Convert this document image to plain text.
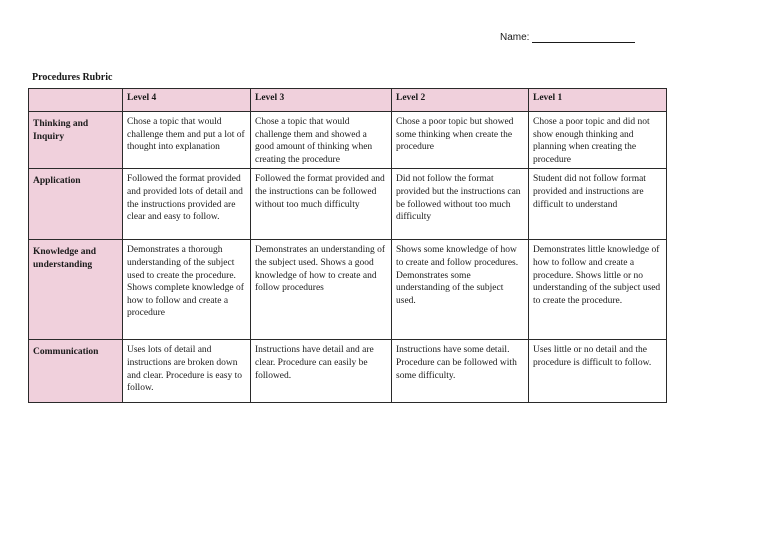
Name:
Procedures Rubric
	Level 4	Level 3	Level 2	Level 1
Thinking and Inquiry	Chose a topic that would challenge them and put a lot of thought into explanation	Chose a topic that would challenge them and showed a good amount of thinking when creating the procedure	Chose a poor topic but showed some thinking when create the procedure	Chose a poor topic and did not show enough thinking and planning when creating the procedure
Application	Followed the format provided and provided lots of detail and the instructions provided are clear and easy to follow.	Followed the format provided and the instructions can be followed without too much difficulty	Did not follow the format provided but the instructions can be followed without too much difficulty	Student did not follow format provided and instructions are difficult to understand
Knowledge and understanding	Demonstrates a thorough understanding of the subject used to create the procedure. Shows complete knowledge of how to follow and create a procedure	Demonstrates an understanding of the subject used. Shows a good knowledge of how to create and follow procedures	Shows some knowledge of how to create and follow procedures. Demonstrates some understanding of the subject used.	Demonstrates little knowledge of how to follow and create a procedure. Shows little or no understanding of the subject used to create the procedure.
Communication	Uses lots of detail and instructions are broken down and clear. Procedure is easy to follow.	Instructions have detail and are clear. Procedure can easily be followed.	Instructions have some detail. Procedure can be followed with some difficulty.	Uses little or no detail and the procedure is difficult to follow.
